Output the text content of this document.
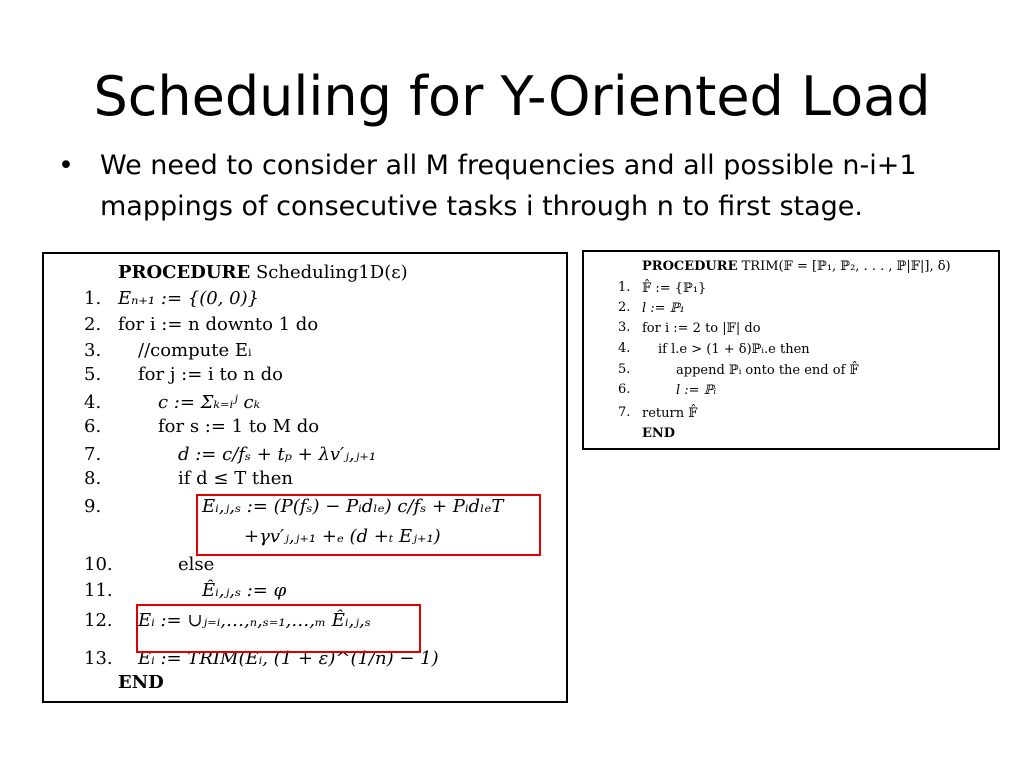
Scheduling for Y-Oriented Load
• We need to consider all M frequencies and all possible n-i+1 mappings of consecutive tasks i through n to first stage.
PROCEDURE Scheduling1D(ε)
1. Eₙ₊₁ := {(0, 0)}
2. for i := n downto 1 do
3. //compute Eᵢ
5. for j := i to n do
4.	c := Σₖ₌ᵢʲ cₖ
6.	for s := 1 to M do
7.	d := c/fₛ + tₚ + λv′ⱼ,ⱼ₊₁
8.	if d ≤ T then
9.	Eᵢ,ⱼ,ₛ := (P(fₛ) − Pᵢdₗₑ) c/fₛ + PᵢdₗₑT
+γv′ⱼ,ⱼ₊₁ +ₑ (d +ₜ Eⱼ₊₁)
10.	else
11.	Êᵢ,ⱼ,ₛ := φ
12. Eᵢ := ∪ⱼ₌ᵢ,…,ₙ,ₛ₌₁,…,ₘ Êᵢ,ⱼ,ₛ
13. Eᵢ := TRIM(Eᵢ, (1 + ε)^(1/n) − 1)
END
PROCEDURE TRIM(𝔽 = [ℙ₁, ℙ₂, . . . , ℙ|𝔽|], δ)
1. 𝔽̂ := {ℙ₁}
2. l := ℙ₁
3. for i := 2 to |𝔽| do
4. if l.e > (1 + δ)ℙᵢ.e then
5.	append ℙᵢ onto the end of 𝔽̂
6.	l := ℙᵢ
7. return 𝔽̂
END
